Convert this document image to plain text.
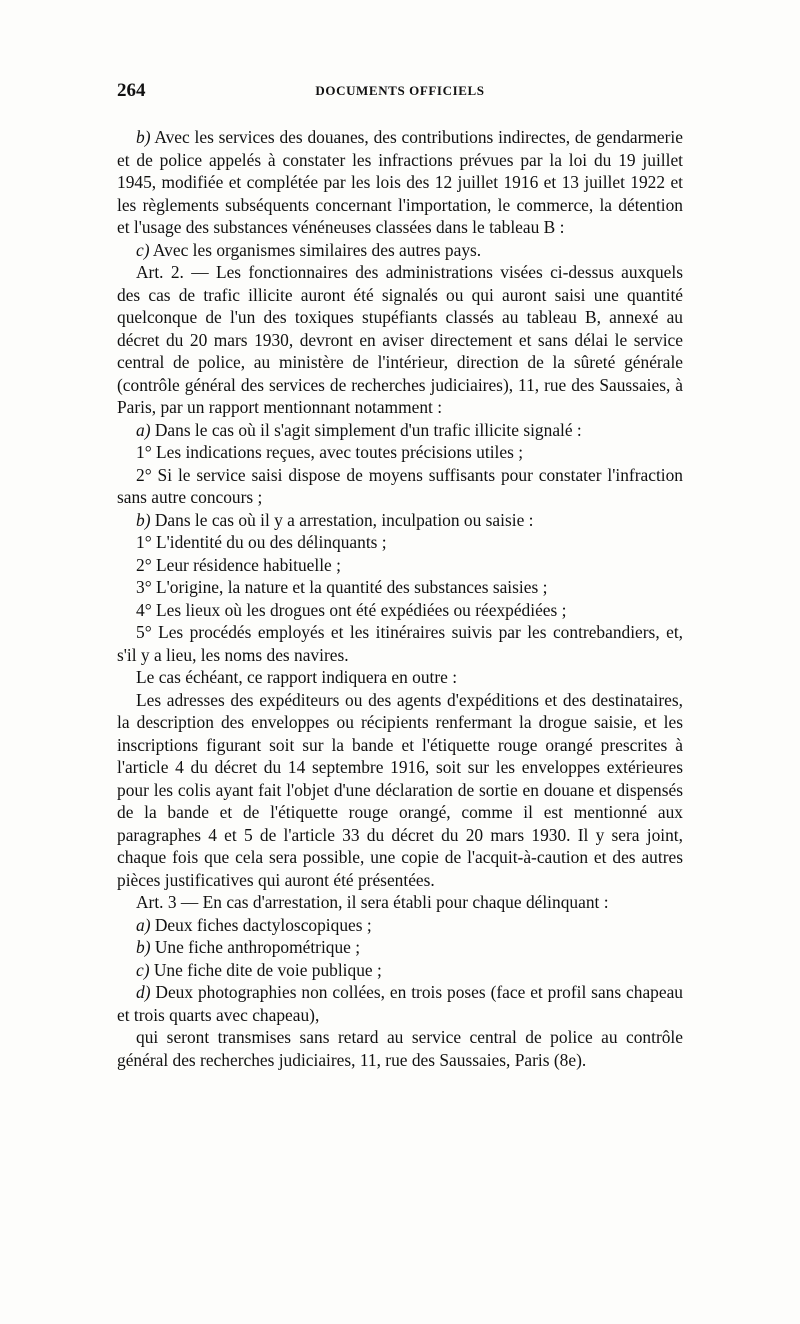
264	DOCUMENTS OFFICIELS

b) Avec les services des douanes, des contributions indirectes, de gendarmerie et de police appelés à constater les infractions prévues par la loi du 19 juillet 1945, modifiée et complétée par les lois des 12 juillet 1916 et 13 juillet 1922 et les règlements subséquents concernant l'importation, le commerce, la détention et l'usage des substances vénéneuses classées dans le tableau B :

c) Avec les organismes similaires des autres pays.

Art. 2. — Les fonctionnaires des administrations visées ci-dessus auxquels des cas de trafic illicite auront été signalés ou qui auront saisi une quantité quelconque de l'un des toxiques stupéfiants classés au tableau B, annexé au décret du 20 mars 1930, devront en aviser directement et sans délai le service central de police, au ministère de l'intérieur, direction de la sûreté générale (contrôle général des services de recherches judiciaires), 11, rue des Saussaies, à Paris, par un rapport mentionnant notamment :

a) Dans le cas où il s'agit simplement d'un trafic illicite signalé :

1° Les indications reçues, avec toutes précisions utiles ;

2° Si le service saisi dispose de moyens suffisants pour constater l'infraction sans autre concours ;

b) Dans le cas où il y a arrestation, inculpation ou saisie :

1° L'identité du ou des délinquants ;

2° Leur résidence habituelle ;

3° L'origine, la nature et la quantité des substances saisies ;

4° Les lieux où les drogues ont été expédiées ou réexpédiées ;

5° Les procédés employés et les itinéraires suivis par les contrebandiers, et, s'il y a lieu, les noms des navires.

Le cas échéant, ce rapport indiquera en outre :

Les adresses des expéditeurs ou des agents d'expéditions et des destinataires, la description des enveloppes ou récipients renfermant la drogue saisie, et les inscriptions figurant soit sur la bande et l'étiquette rouge orangé prescrites à l'article 4 du décret du 14 septembre 1916, soit sur les enveloppes extérieures pour les colis ayant fait l'objet d'une déclaration de sortie en douane et dispensés de la bande et de l'étiquette rouge orangé, comme il est mentionné aux paragraphes 4 et 5 de l'article 33 du décret du 20 mars 1930. Il y sera joint, chaque fois que cela sera possible, une copie de l'acquit-à-caution et des autres pièces justificatives qui auront été présentées.

Art. 3 — En cas d'arrestation, il sera établi pour chaque délinquant :

a) Deux fiches dactyloscopiques ;

b) Une fiche anthropométrique ;

c) Une fiche dite de voie publique ;

d) Deux photographies non collées, en trois poses (face et profil sans chapeau et trois quarts avec chapeau),

qui seront transmises sans retard au service central de police au contrôle général des recherches judiciaires, 11, rue des Saussaies, Paris (8e).
